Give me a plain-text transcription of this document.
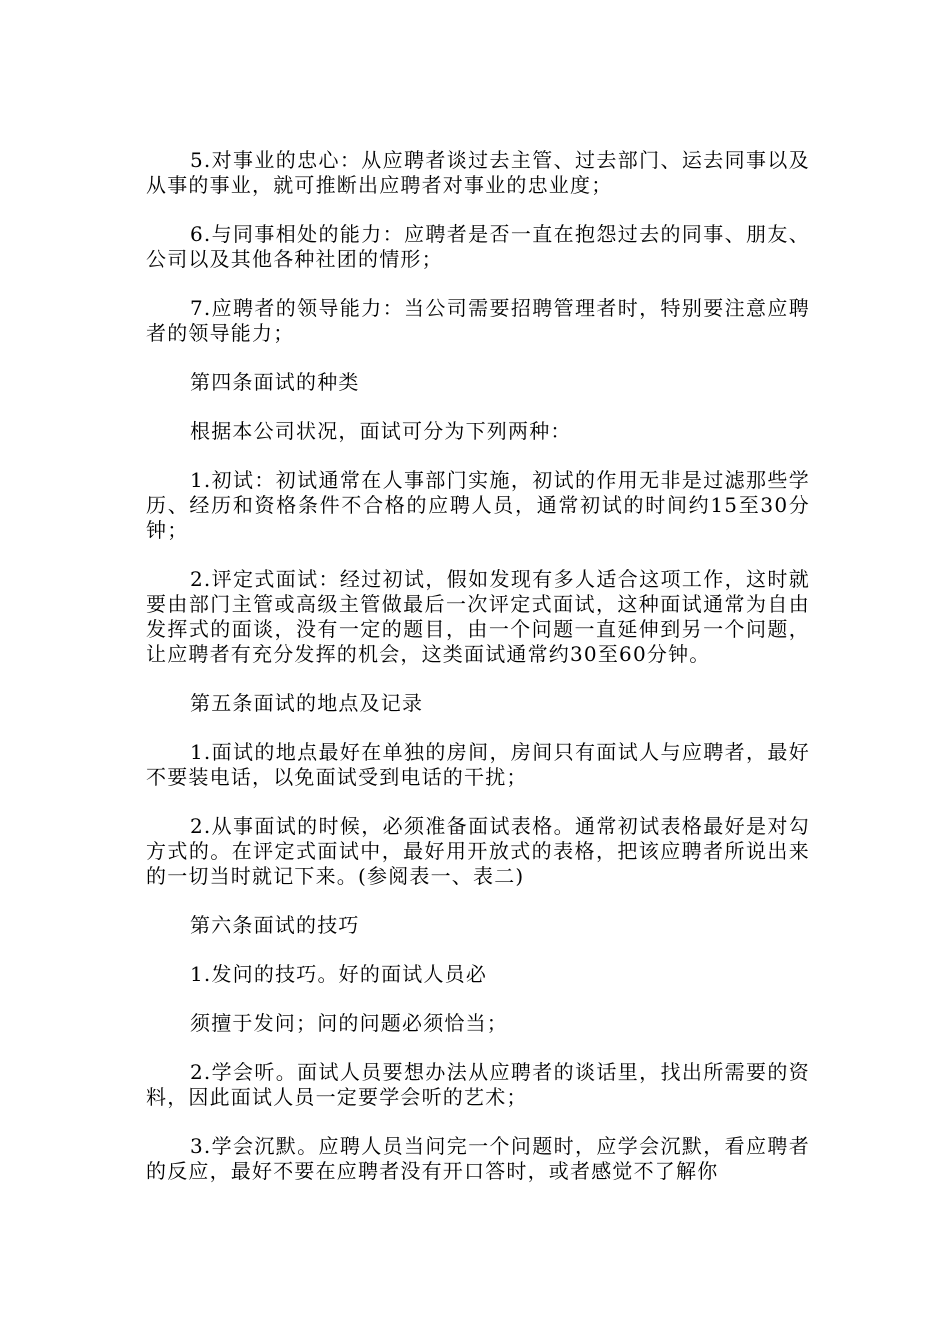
5.对事业的忠心：从应聘者谈过去主管、过去部门、运去同事以及从事的事业，就可推断出应聘者对事业的忠业度；

6.与同事相处的能力：应聘者是否一直在抱怨过去的同事、朋友、公司以及其他各种社团的情形；

7.应聘者的领导能力：当公司需要招聘管理者时，特别要注意应聘者的领导能力；

第四条面试的种类

根据本公司状况，面试可分为下列两种：

1.初试：初试通常在人事部门实施，初试的作用无非是过滤那些学历、经历和资格条件不合格的应聘人员，通常初试的时间约15至30分钟；

2.评定式面试：经过初试，假如发现有多人适合这项工作，这时就要由部门主管或高级主管做最后一次评定式面试，这种面试通常为自由发挥式的面谈，没有一定的题目，由一个问题一直延伸到另一个问题，让应聘者有充分发挥的机会，这类面试通常约30至60分钟。

第五条面试的地点及记录

1.面试的地点最好在单独的房间，房间只有面试人与应聘者，最好不要装电话，以免面试受到电话的干扰；

2.从事面试的时候，必须准备面试表格。通常初试表格最好是对勾方式的。在评定式面试中，最好用开放式的表格，把该应聘者所说出来的一切当时就记下来。(参阅表一、表二)

第六条面试的技巧

1.发问的技巧。好的面试人员必

须擅于发问；问的问题必须恰当；

2.学会听。面试人员要想办法从应聘者的谈话里，找出所需要的资料，因此面试人员一定要学会听的艺术；

3.学会沉默。应聘人员当问完一个问题时，应学会沉默，看应聘者的反应，最好不要在应聘者没有开口答时，或者感觉不了解你
